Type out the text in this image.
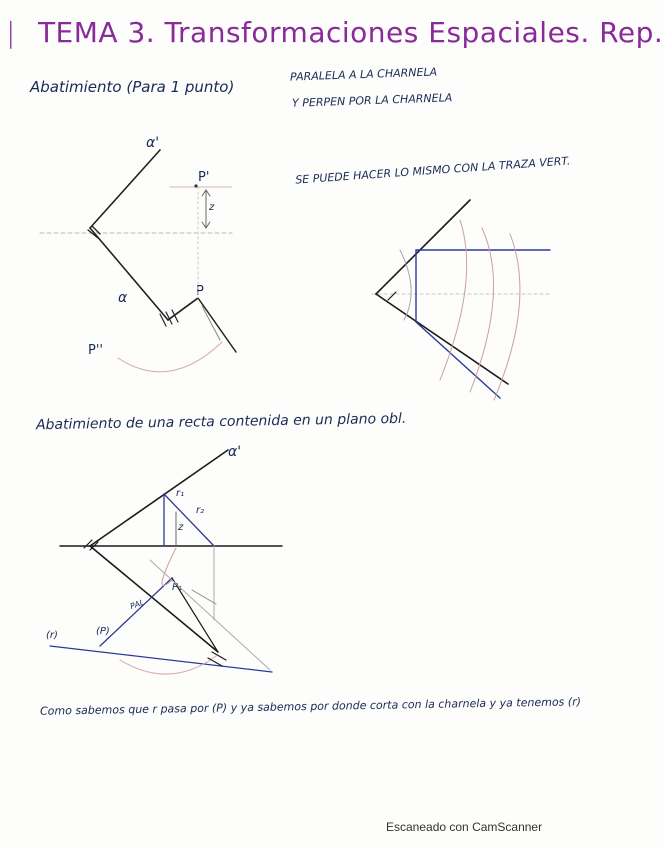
| TEMA 3. Transformaciones Espaciales. Rep.
Abatimiento (Para 1 punto)
PARALELA A LA CHARNELA
Y PERPEN POR LA CHARNELA
SE PUEDE HACER LO MISMO CON LA TRAZA VERT.
α'
α
P'
P
P''
z
Abatimiento de una recta contenida en un plano obl.
α'
r₁
r₂
z
P₁
(P)
(r)
PAL
Como sabemos que r pasa por (P) y ya sabemos por donde corta con la charnela y ya tenemos (r)
Escaneado con CamScanner
